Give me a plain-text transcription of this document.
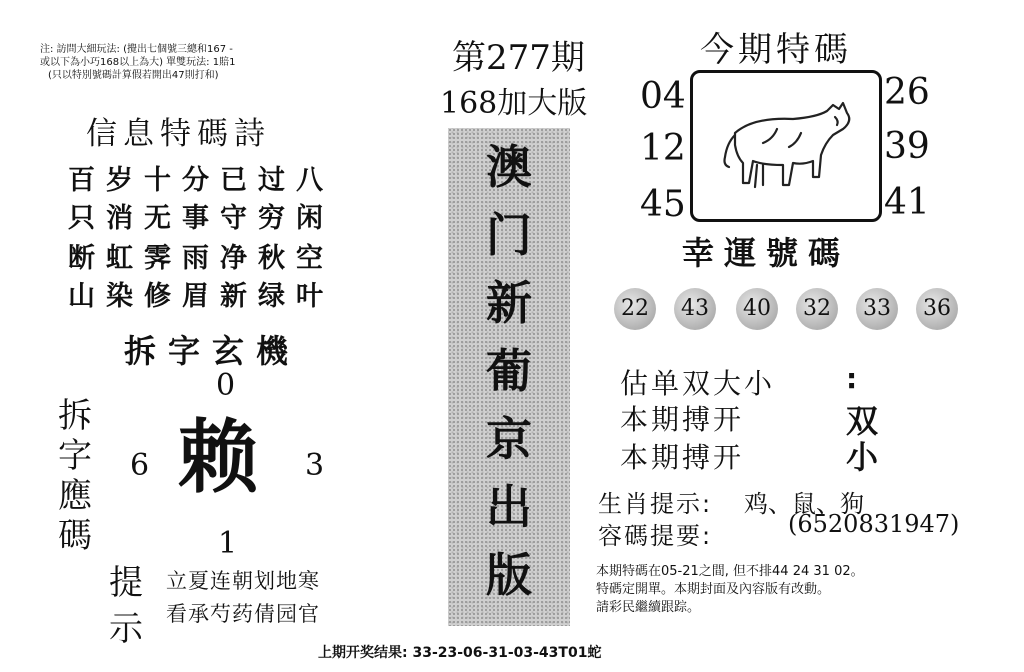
注: 訪問大細玩法: (攪出七個號三總和167 -
或以下為小巧168以上為大) 單雙玩法: 1賠1
(只以特別號碼計算假若開出47則打和)
信息特碼詩
百岁十分已过八
只消无事守穷闲
断虹霁雨净秋空
山染修眉新绿叶
拆字玄機
拆字應碼
0
6	3
赖
1
提示
立夏连朝划地寒
看承芍药倩园官
第277期
168加大版
澳
门
新
葡
京
出
版
今期特碼
04
12
45
26
39
41
幸運號碼
22	43	40	32	33	36
估单双大小	:
本期搏开	双
本期搏开	小
生肖提示: 鸡、鼠、狗
容碼提要:	(6520831947)
本期特碼在05-21之間, 但不排44 24 31 02。
特碼定開單。本期封面及內容版有改動。
請彩民繼續跟踪。
上期开奖结果: 33-23-06-31-03-43T01蛇
